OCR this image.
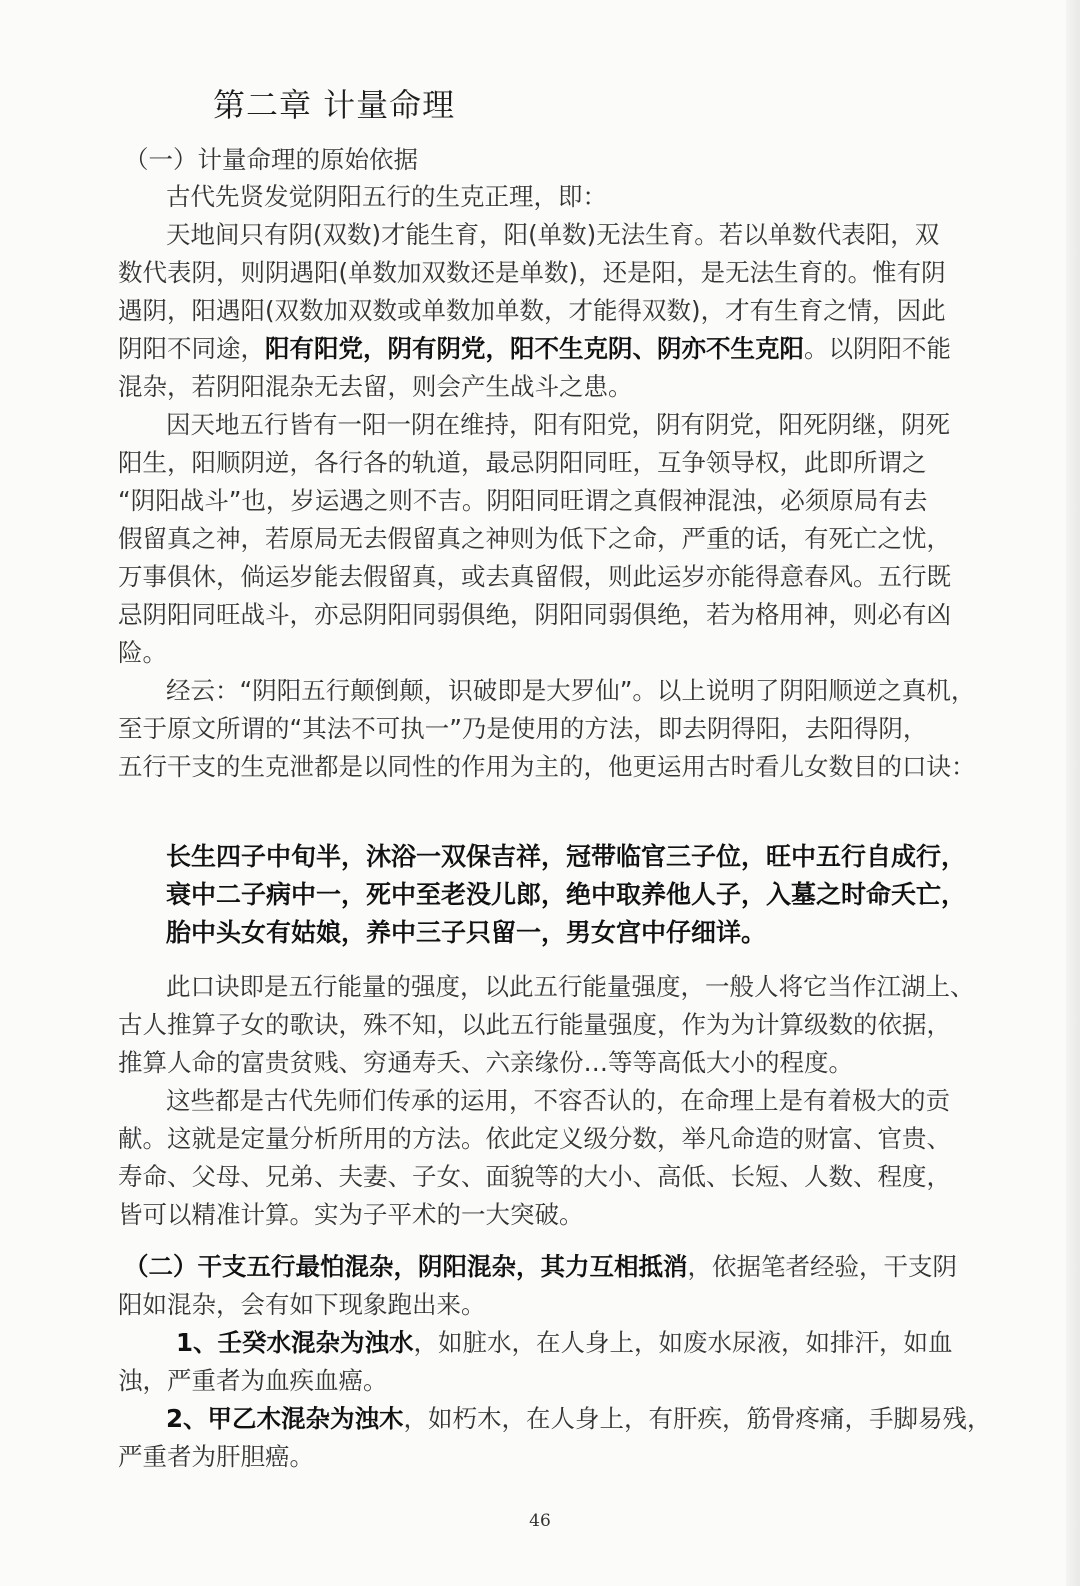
第二章 计量命理
（一）计量命理的原始依据
古代先贤发觉阴阳五行的生克正理，即：
天地间只有阴(双数)才能生育，阳(单数)无法生育。若以单数代表阳，双
数代表阴，则阴遇阳(单数加双数还是单数)，还是阳，是无法生育的。惟有阴
遇阴，阳遇阳(双数加双数或单数加单数，才能得双数)，才有生育之情，因此
阴阳不同途，阳有阳党，阴有阴党，阳不生克阴、阴亦不生克阳。以阴阳不能
混杂，若阴阳混杂无去留，则会产生战斗之患。
因天地五行皆有一阳一阴在维持，阳有阳党，阴有阴党，阳死阴继，阴死
阳生，阳顺阴逆，各行各的轨道，最忌阴阳同旺，互争领导权，此即所谓之
“阴阳战斗”也，岁运遇之则不吉。阴阳同旺谓之真假神混浊，必须原局有去
假留真之神，若原局无去假留真之神则为低下之命，严重的话，有死亡之忧，
万事俱休，倘运岁能去假留真，或去真留假，则此运岁亦能得意春风。五行既
忌阴阳同旺战斗，亦忌阴阳同弱俱绝，阴阳同弱俱绝，若为格用神，则必有凶
险。
经云：“阴阳五行颠倒颠，识破即是大罗仙”。以上说明了阴阳顺逆之真机，
至于原文所谓的“其法不可执一”乃是使用的方法，即去阴得阳，去阳得阴，
五行干支的生克泄都是以同性的作用为主的，他更运用古时看儿女数目的口诀：
长生四子中旬半，沐浴一双保吉祥，冠带临官三子位，旺中五行自成行，
衰中二子病中一，死中至老没儿郎，绝中取养他人子，入墓之时命夭亡，
胎中头女有姑娘，养中三子只留一，男女宫中仔细详。
此口诀即是五行能量的强度，以此五行能量强度，一般人将它当作江湖上、
古人推算子女的歌诀，殊不知，以此五行能量强度，作为为计算级数的依据，
推算人命的富贵贫贱、穷通寿夭、六亲缘份…等等高低大小的程度。
这些都是古代先师们传承的运用，不容否认的，在命理上是有着极大的贡
献。这就是定量分析所用的方法。依此定义级分数，举凡命造的财富、官贵、
寿命、父母、兄弟、夫妻、子女、面貌等的大小、高低、长短、人数、程度，
皆可以精准计算。实为子平术的一大突破。
（二）干支五行最怕混杂，阴阳混杂，其力互相抵消，依据笔者经验，干支阴
阳如混杂，会有如下现象跑出来。
1、壬癸水混杂为浊水，如脏水，在人身上，如废水尿液，如排汗，如血
浊，严重者为血疾血癌。
2、甲乙木混杂为浊木，如朽木，在人身上，有肝疾，筋骨疼痛，手脚易残，
严重者为肝胆癌。
46
